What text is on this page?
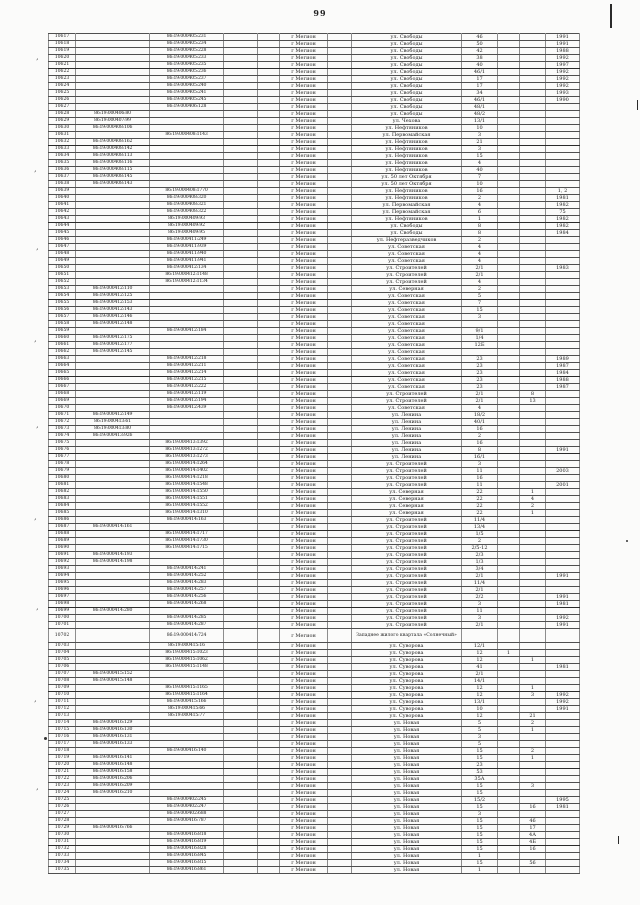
99
10617		86:19:000405:231			г Мегион		ул. Свободы	46			1991
10618		86:19:000405:234			г Мегион		ул. Свободы	50			1991
10619		86:19:000405:228			г Мегион		ул. Свободы	42			1988
10620		86:19:000405:233			г Мегион		ул. Свободы	38			1992
10621		86:19:000405:235			г Мегион		ул. Свободы	40			1997
10622		86:19:000405:236			г Мегион		ул. Свободы	46/1			1992
10623		86:19:000405:237			г Мегион		ул. Свободы	17			1992
10624		86:19:000405:240			г Мегион		ул. Свободы	17			1992
10625		86:19:000405:241			г Мегион		ул. Свободы	34			1993
10626		86:19:000405:245			г Мегион		ул. Свободы	46/1			1990
10627		86:19:000406:128			г Мегион		ул. Свободы	48/1			
10628	86:19:000406:80				г Мегион		ул. Свободы	48/2			
10629	86:19:000407:99				г Мегион		ул. Чехова	13/1			
10630	86:19:000408:106				г Мегион		ул. Нефтяников	10			
10631		86:19:000408:1143			г Мегион		ул. Первомайская	3			
10632	86:19:000408:162				г Мегион		ул. Нефтяников	21			
10633	86:19:000408:142				г Мегион		ул. Нефтяников	3			
10634	86:19:000408:113				г Мегион		ул. Нефтяников	15			
10635	86:19:000408:116				г Мегион		ул. Нефтяников	4			
10636	86:19:000408:115				г Мегион		ул. Нефтяников	40			
10637	86:19:000408:145				г Мегион		ул. 50 лет Октября	7			
10638	86:19:000408:143				г Мегион		ул. 50 лет Октября	10			
10639		86:19:000408:1770			г Мегион		ул. Нефтяников	16			1, 2
10640		86:19:000408:320			г Мегион		ул. Нефтяников	2			1981
10641		86:19:000408:321			г Мегион		ул. Первомайская	4			1982
10642		86:19:000408:322			г Мегион		ул. Первомайская	6			75
10643		86:19:000409:93			г Мегион		ул. Нефтяников	1			1982
10644		86:19:000409:92			г Мегион		ул. Свободы	8			1982
10645		86:19:000409:95			г Мегион		ул. Свободы	8			1984
10646		86:19:000411:249			г Мегион		ул. Нефтеразведчиков	2			
10647		86:19:000411:939			г Мегион		ул. Советская	4			
10648		86:19:000411:940			г Мегион		ул. Советская	4			
10649		86:19:000411:941			г Мегион		ул. Советская	4			
10650		86:19:000412:134			г Мегион		ул. Строителей	2/1			1983
10651		86:19:000412:1148			г Мегион		ул. Строителей	2/1			
10652		86:19:000412:1134			г Мегион		ул. Строителей	4			
10653	86:19:000412:110				г Мегион		ул. Северная	2			
10654	86:19:000412:125				г Мегион		ул. Советская	5			
10655	86:19:000412:153				г Мегион		ул. Советская	7			
10656	86:19:000412:143				г Мегион		ул. Советская	15			
10657	86:19:000412:146				г Мегион		ул. Советская	3			
10658	86:19:000412:148				г Мегион		ул. Советская				
10659		86:19:000412:184			г Мегион		ул. Советская	9/1			
10660	86:19:000412:175				г Мегион		ул. Советская	1/4			
10661	86:19:000412:177				г Мегион		ул. Советская	12Б			
10662	86:19:000412:145				г Мегион		ул. Советская				
10663		86:19:000412:218			г Мегион		ул. Советская	23			1989
10664		86:19:000412:211			г Мегион		ул. Советская	23			1987
10665		86:19:000412:214			г Мегион		ул. Советская	23			1984
10666		86:19:000412:215			г Мегион		ул. Советская	23			1988
10667		86:19:000412:222			г Мегион		ул. Советская	23			1987
10668		86:19:000412:119			г Мегион		ул. Строителей	2/1		8	
10669		86:19:000412:194			г Мегион		ул. Строителей	2/1		13	
10670		86:19:000412:439			г Мегион		ул. Советская	4			
10671	86:19:000412:149				г Мегион		ул. Ленина	18/2			
10672	86:19:000413:61				г Мегион		ул. Ленина	40/1			
10673	86:19:000413:80				г Мегион		ул. Ленина	16			
10674	86:19:000413:926				г Мегион		ул. Ленина	2			
10675		86:19:000413:1392			г Мегион		ул. Ленина	16			
10676		86:19:000413:1272			г Мегион		ул. Ленина	8			1991
10677		86:19:000413:1273			г Мегион		ул. Ленина	16/1			
10678		86:19:000414:1264			г Мегион		ул. Строителей	3			
10679		86:19:000414:1402			г Мегион		ул. Строителей	11			2003
10680		86:19:000414:1218			г Мегион		ул. Строителей	16			
10681		86:19:000414:1548			г Мегион		ул. Строителей	11			2001
10682		86:19:000414:1550			г Мегион		ул. Северная	22		1	
10683		86:19:000414:1551			г Мегион		ул. Северная	22		4	
10684		86:19:000414:1552			г Мегион		ул. Северная	22		2	
10685		86:19:000414:1310			г Мегион		ул. Северная	22		1	
10686		86:19:000414:163			г Мегион		ул. Строителей	11/4			
10687	86:19:000414:161				г Мегион		ул. Строителей	13/4			
10688		86:19:000414:1717			г Мегион		ул. Строителей	1/5			
10689		86:19:000414:1730			г Мегион		ул. Строителей	2			
10690		86:19:000414:1715			г Мегион		ул. Строителей	2/5-12			
10691	86:19:000414:193				г Мегион		ул. Строителей	2/3			
10692	86:19:000414:198				г Мегион		ул. Строителей	1/3			
10693		86:19:000414:241			г Мегион		ул. Строителей	3/4			
10694		86:19:000414:252			г Мегион		ул. Строителей	2/1			1991
10695		86:19:000414:283			г Мегион		ул. Строителей	11/4			
10696		86:19:000414:257			г Мегион		ул. Строителей	2/1			
10697		86:19:000414:256			г Мегион		ул. Строителей	2/2			1991
10698		86:19:000414:268			г Мегион		ул. Строителей	3			1981
10699	86:19:000414:280				г Мегион		ул. Строителей	11			
10700		86:19:000414:285			г Мегион		ул. Строителей	3			1992
10701		86:19:000414:287			г Мегион		ул. Строителей	2/1			1991
10702		86:19:000414:724			г Мегион		Западнее жилого квартала «Солнечный»				
10703		86:19:000415:16			г Мегион		ул. Суворова	12/1			
10704		86:19:000415:1023			г Мегион		ул. Суворова	12	1		
10705		86:19:000415:1062			г Мегион		ул. Суворова	12		1	
10706		86:19:000415:1148			г Мегион		ул. Суворова	41			1981
10707	86:19:000415:152				г Мегион		ул. Суворова	2/1			
10708	86:19:000415:148				г Мегион		ул. Суворова	14/1			
10709		86:19:000415:1165			г Мегион		ул. Суворова	12		1	
10710		86:19:000415:1164			г Мегион		ул. Суворова	12		3	1992
10711		86:19:000415:166			г Мегион		ул. Суворова	13/1			1992
10712		86:19:000415:66			г Мегион		ул. Суворова	10			1991
10713		86:19:000415:77			г Мегион		ул. Суворова	12		21	
10714	86:19:000416:129				г Мегион		ул. Новая	5		2	
10715	86:19:000416:130				г Мегион		ул. Новая	5		1	
10716	86:19:000416:131				г Мегион		ул. Новая	3			
10717	86:19:000416:133				г Мегион		ул. Новая	5			
10718		86:19:000416:140			г Мегион		ул. Новая	15		2	
10719	86:19:000416:141				г Мегион		ул. Новая	15		1	
10720	86:19:000416:148				г Мегион		ул. Новая	23			
10721	86:19:000416:158				г Мегион		ул. Новая	53			
10722	86:19:000416:206				г Мегион		ул. Новая	35А			
10723	86:19:000416:209				г Мегион		ул. Новая	15		3	
10724	86:19:000416:210				г Мегион		ул. Новая	15			
10725		86:19:000402:245			г Мегион		ул. Новая	15/2			1995
10726		86:19:000402:247			г Мегион		ул. Новая	15		16	1981
10727		86:19:000402:688			г Мегион		ул. Новая	3			
10728		86:19:000416:787			г Мегион		ул. Новая	15		46	
10729	86:19:000416:766				г Мегион		ул. Новая	15		17	
10730		86:19:000416:818			г Мегион		ул. Новая	15		4А	
10731		86:19:000416:819			г Мегион		ул. Новая	15		4Б	
10732		86:19:000416:828			г Мегион		ул. Новая	15		16	
10733		86:19:000416:845			г Мегион		ул. Новая	1			
10734		86:19:000416:815			г Мегион		ул. Новая	15		56	
10735		86:19:000416:861			г Мегион		ул. Новая	1			
’
’
’
’
’
’
’
’
’
